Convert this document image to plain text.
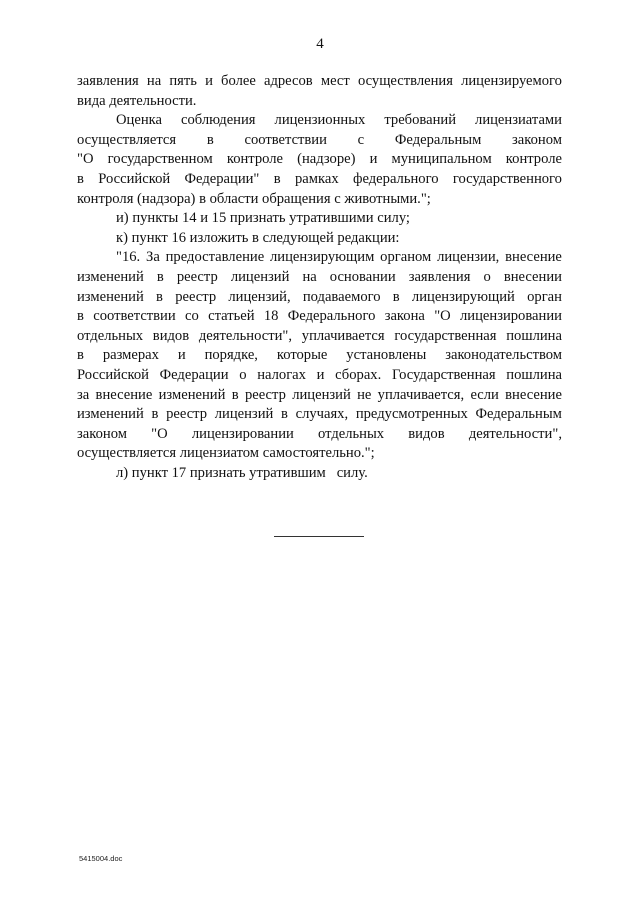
4
заявления на пять и более адресов мест осуществления лицензируемого
вида деятельности.
Оценка соблюдения лицензионных требований лицензиатами
осуществляется в соответствии с Федеральным законом
"О государственном контроле (надзоре) и муниципальном контроле
в Российской Федерации" в рамках федерального государственного
контроля (надзора) в области обращения с животными.";
и) пункты 14 и 15 признать утратившими силу;
к) пункт 16 изложить в следующей редакции:
"16. За предоставление лицензирующим органом лицензии, внесение
изменений в реестр лицензий на основании заявления о внесении
изменений в реестр лицензий, подаваемого в лицензирующий орган
в соответствии со статьей 18 Федерального закона "О лицензировании
отдельных видов деятельности", уплачивается государственная пошлина
в размерах и порядке, которые установлены законодательством
Российской Федерации о налогах и сборах. Государственная пошлина
за внесение изменений в реестр лицензий не уплачивается, если внесение
изменений в реестр лицензий в случаях, предусмотренных Федеральным
законом "О лицензировании отдельных видов деятельности",
осуществляется лицензиатом самостоятельно.";
л) пункт 17 признать утратившим   силу.
5415004.doc
